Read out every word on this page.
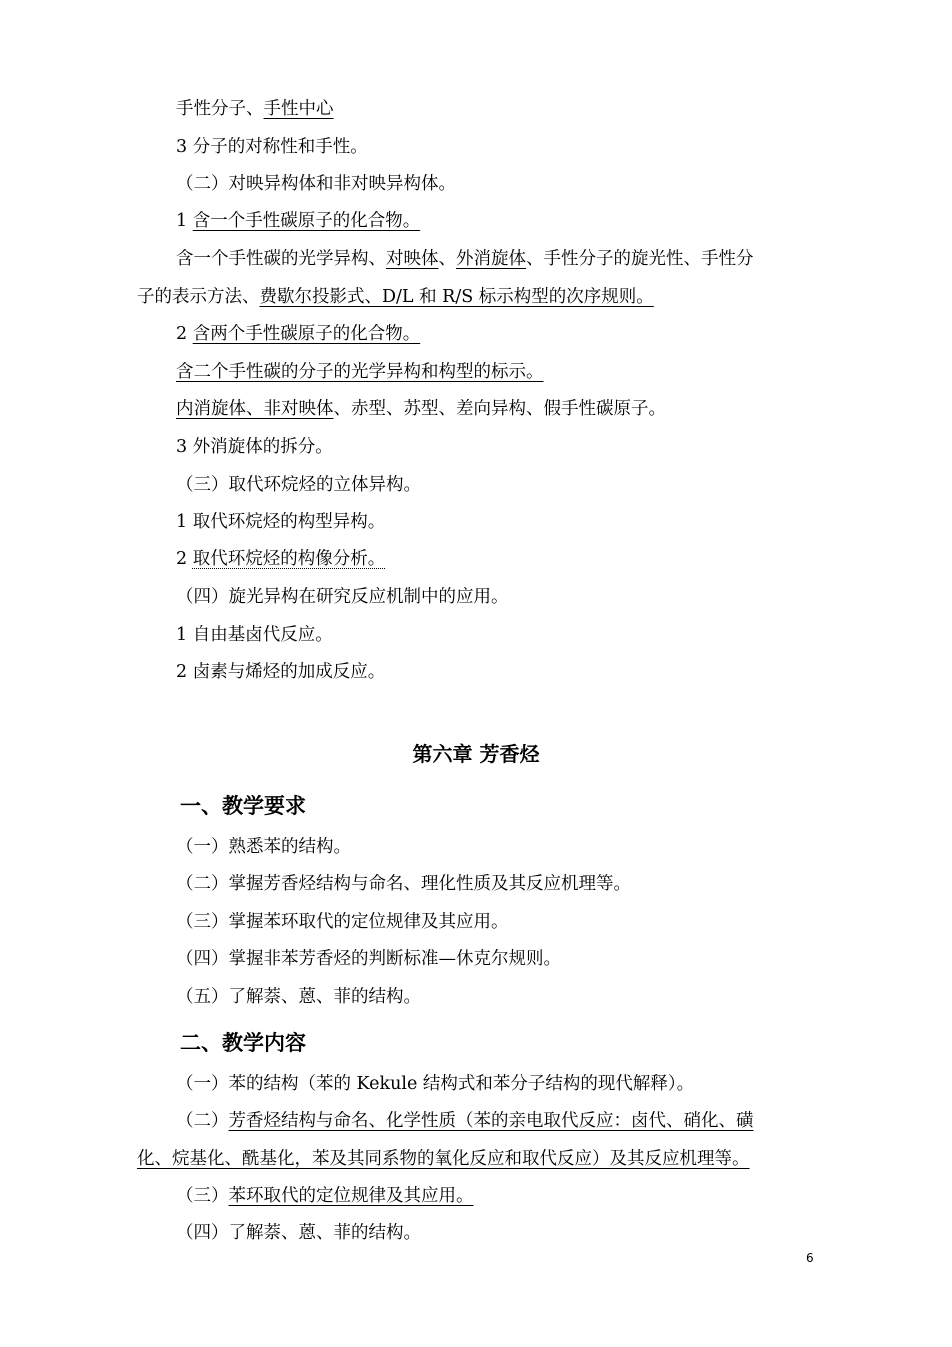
手性分子、手性中心
3 分子的对称性和手性。
（二）对映异构体和非对映异构体。
1 含一个手性碳原子的化合物。
含一个手性碳的光学异构、对映体、外消旋体、手性分子的旋光性、手性分
子的表示方法、费歇尔投影式、D/L 和 R/S 标示构型的次序规则。
2 含两个手性碳原子的化合物。
含二个手性碳的分子的光学异构和构型的标示。
内消旋体、非对映体、赤型、苏型、差向异构、假手性碳原子。
3 外消旋体的拆分。
（三）取代环烷烃的立体异构。
1 取代环烷烃的构型异构。
2 取代环烷烃的构像分析。
（四）旋光异构在研究反应机制中的应用。
1 自由基卤代反应。
2 卤素与烯烃的加成反应。
第六章 芳香烃
一、教学要求
（一）熟悉苯的结构。
（二）掌握芳香烃结构与命名、理化性质及其反应机理等。
（三）掌握苯环取代的定位规律及其应用。
（四）掌握非苯芳香烃的判断标准—休克尔规则。
（五）了解萘、蒽、菲的结构。
二、教学内容
（一）苯的结构（苯的 Kekule 结构式和苯分子结构的现代解释）。
（二）芳香烃结构与命名、化学性质（苯的亲电取代反应：卤代、硝化、磺
化、烷基化、酰基化，苯及其同系物的氧化反应和取代反应）及其反应机理等。
（三）苯环取代的定位规律及其应用。
（四）了解萘、蒽、菲的结构。
6
